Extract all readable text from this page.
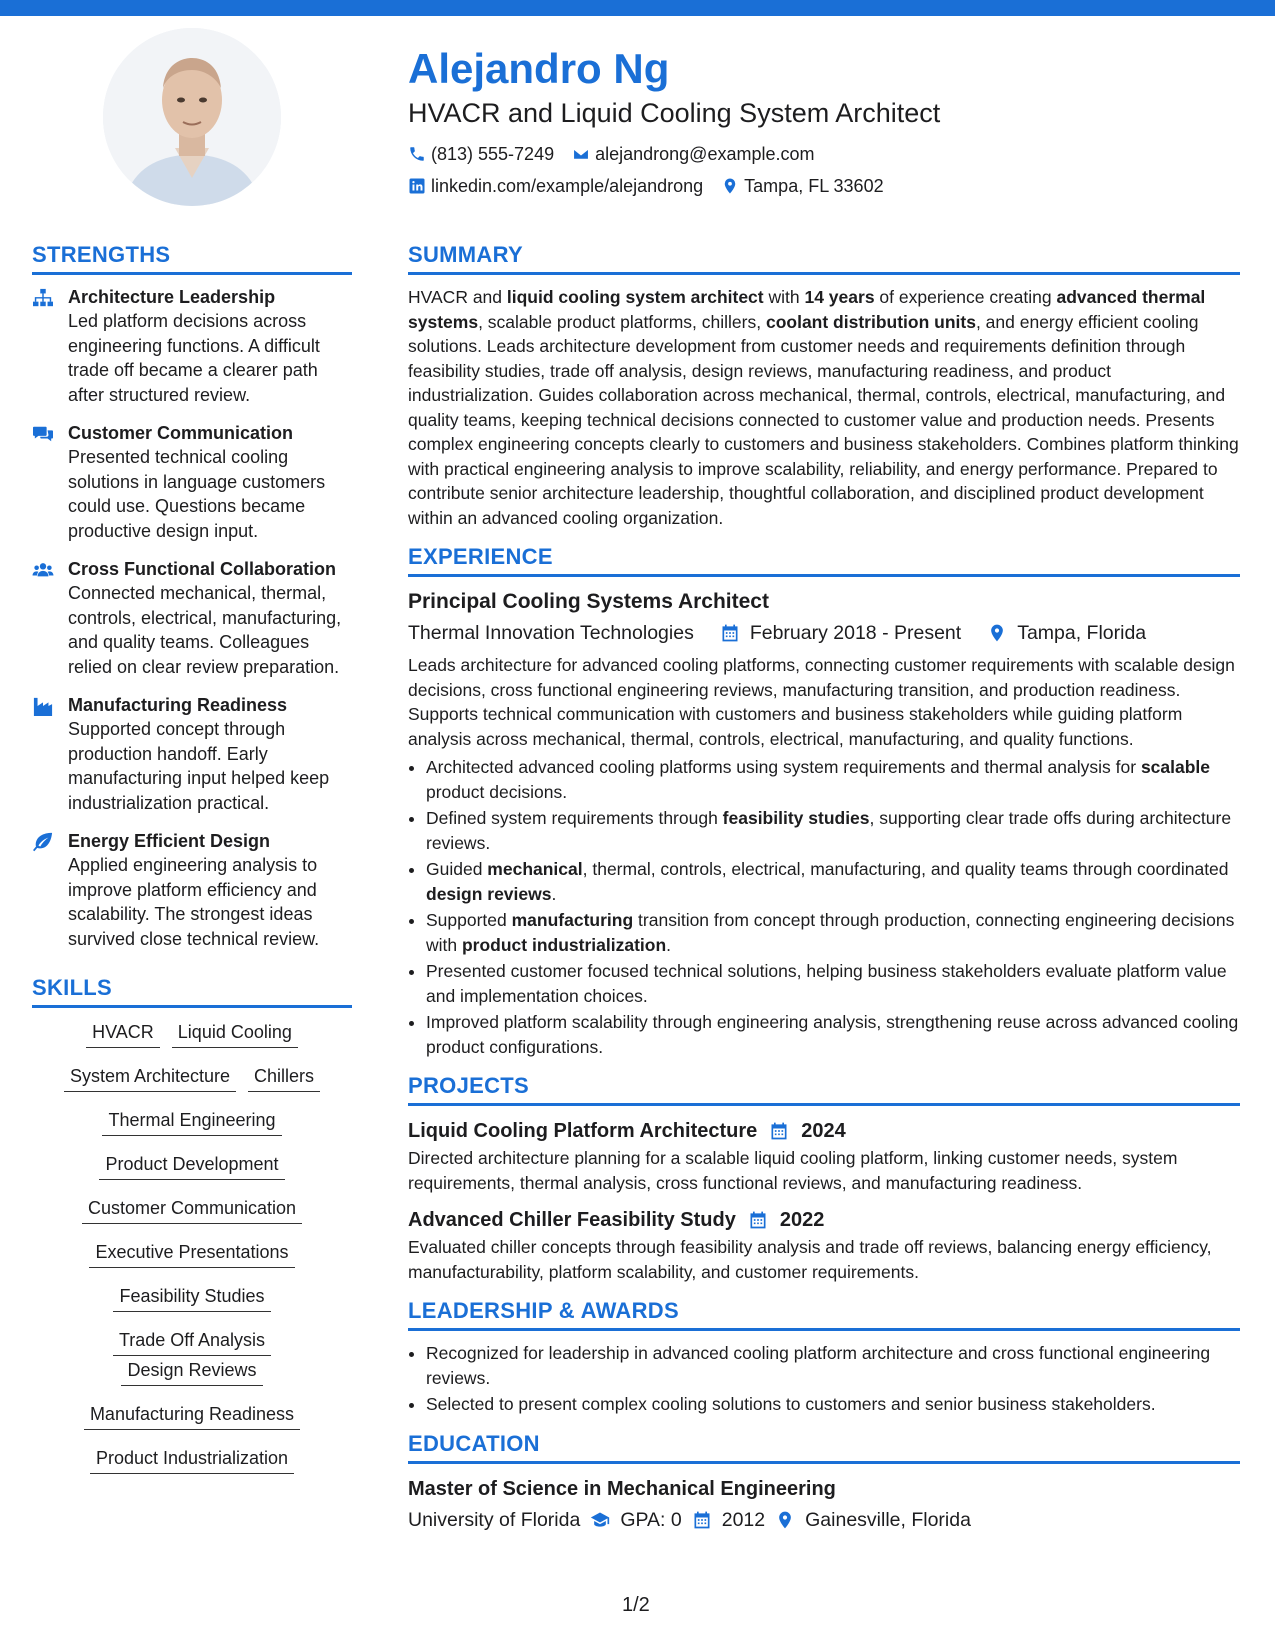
Alejandro Ng
HVACR and Liquid Cooling System Architect
(813) 555-7249 alejandrong@example.com
linkedin.com/example/alejandrong Tampa, FL 33602
STRENGTHS
Architecture Leadership

Led platform decisions across engineering functions. A difficult trade off became a clearer path after structured review.

Customer Communication

Presented technical cooling solutions in language customers could use. Questions became productive design input.

Cross Functional Collaboration

Connected mechanical, thermal, controls, electrical, manufacturing, and quality teams. Colleagues relied on clear review preparation.

Manufacturing Readiness

Supported concept through production handoff. Early manufacturing input helped keep industrialization practical.

Energy Efficient Design

Applied engineering analysis to improve platform efficiency and scalability. The strongest ideas survived close technical review.

SKILLS
HVACR Liquid Cooling
System Architecture Chillers
Thermal Engineering
Product Development
Customer Communication
Executive Presentations
Feasibility Studies
Trade Off AnalysisDesign Reviews
Manufacturing Readiness
Product Industrialization
SUMMARY

HVACR and liquid cooling system architect with 14 years of experience creating advanced thermal systems, scalable product platforms, chillers, coolant distribution units, and energy efficient cooling solutions. Leads architecture development from customer needs and requirements definition through feasibility studies, trade off analysis, design reviews, manufacturing readiness, and product industrialization. Guides collaboration across mechanical, thermal, controls, electrical, manufacturing, and quality teams, keeping technical decisions connected to customer value and production needs. Presents complex engineering concepts clearly to customers and business stakeholders. Combines platform thinking with practical engineering analysis to improve scalability, reliability, and energy performance. Prepared to contribute senior architecture leadership, thoughtful collaboration, and disciplined product development within an advanced cooling organization.

EXPERIENCE
Principal Cooling Systems Architect
Thermal Innovation Technologies	February 2018 - Present	Tampa, Florida

Leads architecture for advanced cooling platforms, connecting customer requirements with scalable design decisions, cross functional engineering reviews, manufacturing transition, and production readiness. Supports technical communication with customers and business stakeholders while guiding platform analysis across mechanical, thermal, controls, electrical, manufacturing, and quality functions.

• Architected advanced cooling platforms using system requirements and thermal analysis for scalable product decisions.
• Defined system requirements through feasibility studies, supporting clear trade offs during architecture reviews.
• Guided mechanical, thermal, controls, electrical, manufacturing, and quality teams through coordinated design reviews.
• Supported manufacturing transition from concept through production, connecting engineering decisions with product industrialization.
• Presented customer focused technical solutions, helping business stakeholders evaluate platform value and implementation choices.
• Improved platform scalability through engineering analysis, strengthening reuse across advanced cooling product configurations.
PROJECTS
Liquid Cooling Platform Architecture 2024

Directed architecture planning for a scalable liquid cooling platform, linking customer needs, system requirements, thermal analysis, cross functional reviews, and manufacturing readiness.

Advanced Chiller Feasibility Study 2022

Evaluated chiller concepts through feasibility analysis and trade off reviews, balancing energy efficiency, manufacturability, platform scalability, and customer requirements.

LEADERSHIP & AWARDS
• Recognized for leadership in advanced cooling platform architecture and cross functional engineering reviews.
• Selected to present complex cooling solutions to customers and senior business stakeholders.
EDUCATION
Master of Science in Mechanical Engineering
University of Florida GPA: 0 2012 Gainesville, Florida
1/2
